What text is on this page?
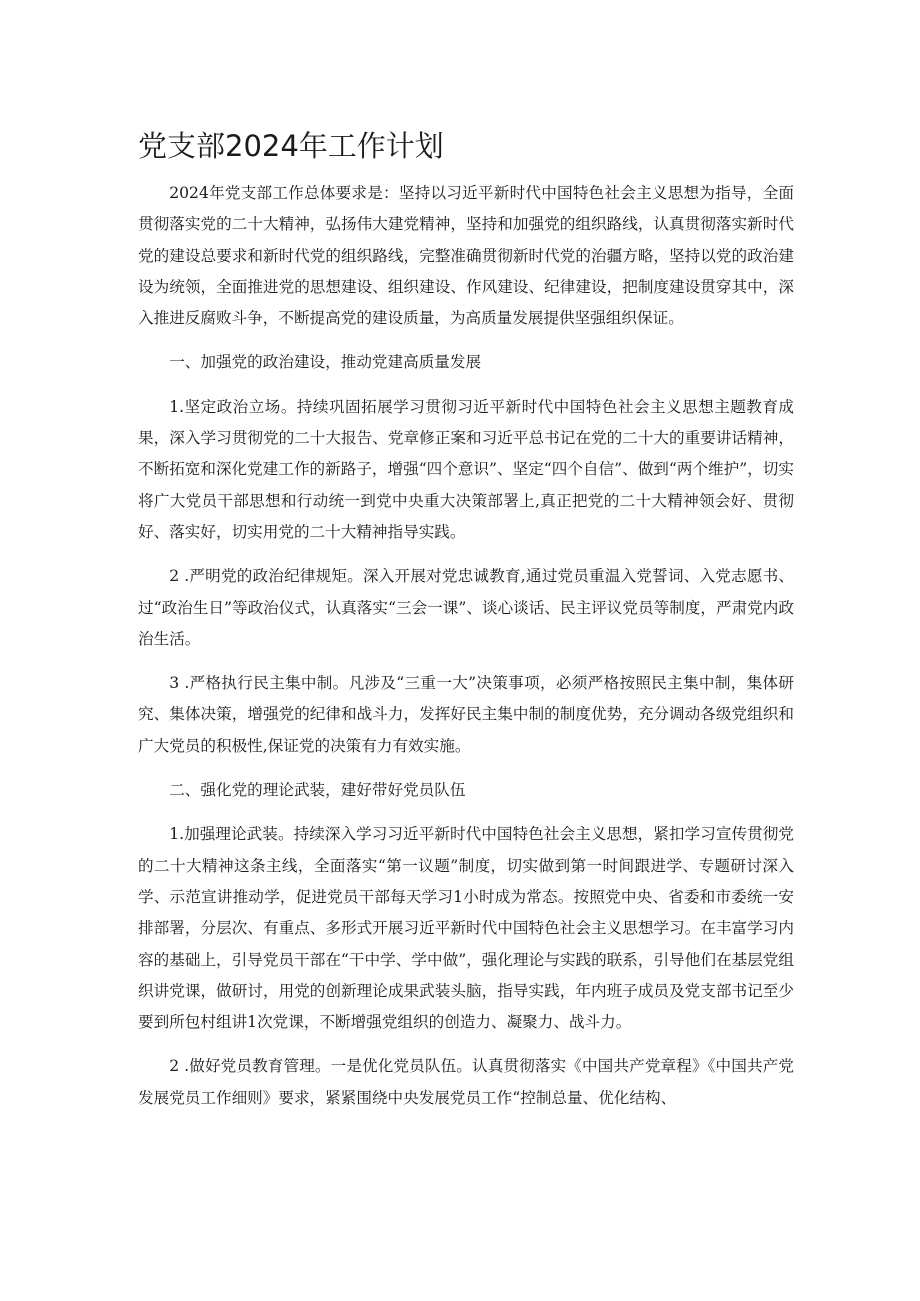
党支部2024年工作计划

2024年党支部工作总体要求是：坚持以习近平新时代中国特色社会主义思想为指导，全面贯彻落实党的二十大精神，弘扬伟大建党精神，坚持和加强党的组织路线，认真贯彻落实新时代党的建设总要求和新时代党的组织路线，完整准确贯彻新时代党的治疆方略，坚持以党的政治建设为统领，全面推进党的思想建设、组织建设、作风建设、纪律建设，把制度建设贯穿其中，深入推进反腐败斗争，不断提高党的建设质量，为高质量发展提供坚强组织保证。

一、加强党的政治建设，推动党建高质量发展

1.坚定政治立场。持续巩固拓展学习贯彻习近平新时代中国特色社会主义思想主题教育成果，深入学习贯彻党的二十大报告、党章修正案和习近平总书记在党的二十大的重要讲话精神，不断拓宽和深化党建工作的新路子，增强“四个意识”、坚定“四个自信”、做到“两个维护”，切实将广大党员干部思想和行动统一到党中央重大决策部署上,真正把党的二十大精神领会好、贯彻好、落实好，切实用党的二十大精神指导实践。

2 .严明党的政治纪律规矩。深入开展对党忠诚教育,通过党员重温入党誓词、入党志愿书、过“政治生日”等政治仪式，认真落实“三会一课”、谈心谈话、民主评议党员等制度，严肃党内政治生活。

3 .严格执行民主集中制。凡涉及“三重一大”决策事项，必须严格按照民主集中制，集体研究、集体决策，增强党的纪律和战斗力，发挥好民主集中制的制度优势，充分调动各级党组织和广大党员的积极性,保证党的决策有力有效实施。

二、强化党的理论武装，建好带好党员队伍

1.加强理论武装。持续深入学习习近平新时代中国特色社会主义思想，紧扣学习宣传贯彻党的二十大精神这条主线，全面落实“第一议题”制度，切实做到第一时间跟进学、专题研讨深入学、示范宣讲推动学，促进党员干部每天学习1小时成为常态。按照党中央、省委和市委统一安排部署，分层次、有重点、多形式开展习近平新时代中国特色社会主义思想学习。在丰富学习内容的基础上，引导党员干部在“干中学、学中做”，强化理论与实践的联系，引导他们在基层党组织讲党课，做研讨，用党的创新理论成果武装头脑，指导实践，年内班子成员及党支部书记至少要到所包村组讲1次党课，不断增强党组织的创造力、凝聚力、战斗力。

2 .做好党员教育管理。一是优化党员队伍。认真贯彻落实《中国共产党章程》《中国共产党发展党员工作细则》要求，紧紧围绕中央发展党员工作“控制总量、优化结构、
